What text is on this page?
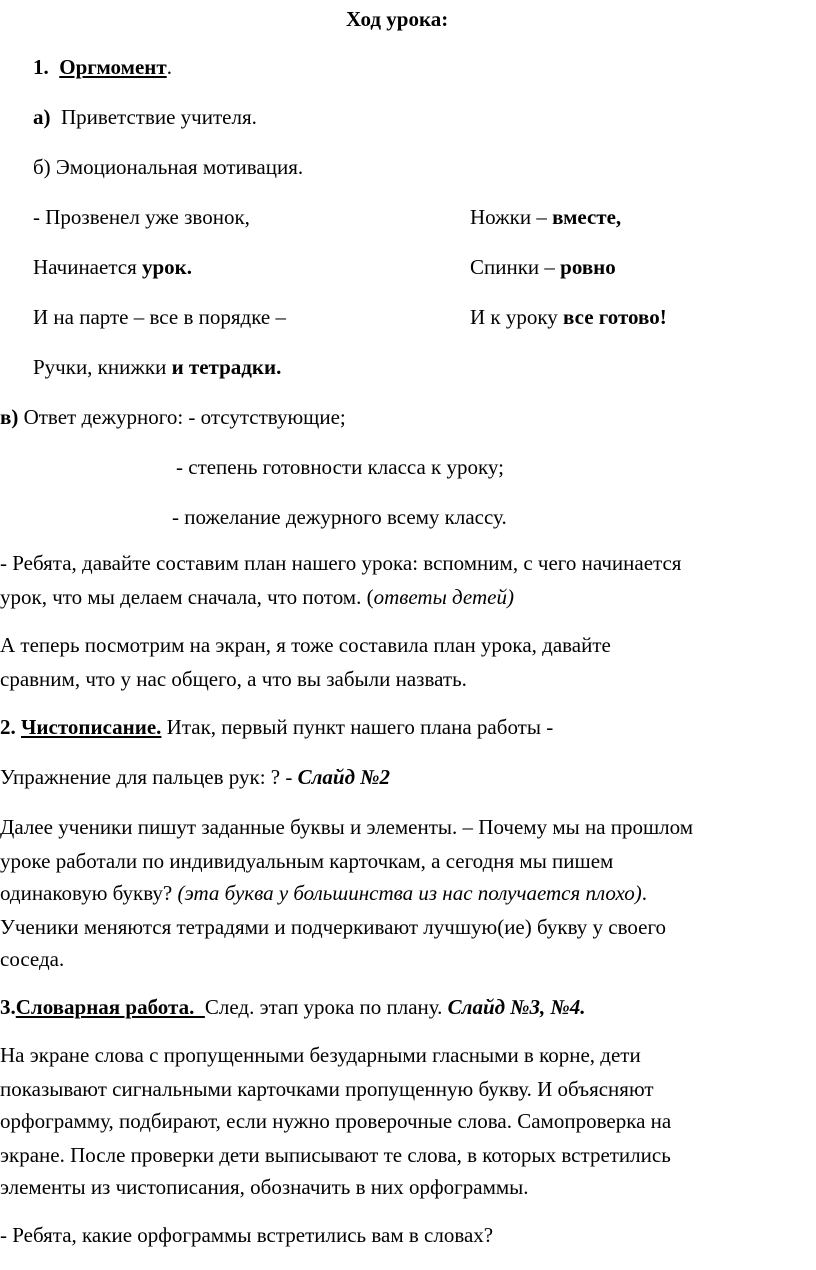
Ход урока:
1. Оргмомент.
а) Приветствие учителя.
б) Эмоциональная мотивация.
- Прозвенел уже звонок,
Начинается урок.
И на парте – все в порядке –
Ручки, книжки и тетрадки.
Ножки – вместе,
Спинки – ровно
И к уроку все готово!
в) Ответ дежурного: - отсутствующие;
- степень готовности класса к уроку;
- пожелание дежурного всему классу.
- Ребята, давайте составим план нашего урока: вспомним, с чего начинается
урок, что мы делаем сначала, что потом. (ответы детей)
А теперь посмотрим на экран, я тоже составила план урока, давайте
сравним, что у нас общего, а что вы забыли назвать.
2. Чистописание. Итак, первый пункт нашего плана работы -
Упражнение для пальцев рук: ? - Слайд №2
Далее ученики пишут заданные буквы и элементы. – Почему мы на прошлом
уроке работали по индивидуальным карточкам, а сегодня мы пишем
одинаковую букву? (эта буква у большинства из нас получается плохо).
Ученики меняются тетрадями и подчеркивают лучшую(ие) букву у своего
соседа.
3.Словарная работа.  След. этап урока по плану. Слайд №3, №4.
На экране слова с пропущенными безударными гласными в корне, дети
показывают сигнальными карточками пропущенную букву. И объясняют
орфограмму, подбирают, если нужно проверочные слова. Самопроверка на
экране. После проверки дети выписывают те слова, в которых встретились
элементы из чистописания, обозначить в них орфограммы.
- Ребята, какие орфограммы встретились вам в словах?
